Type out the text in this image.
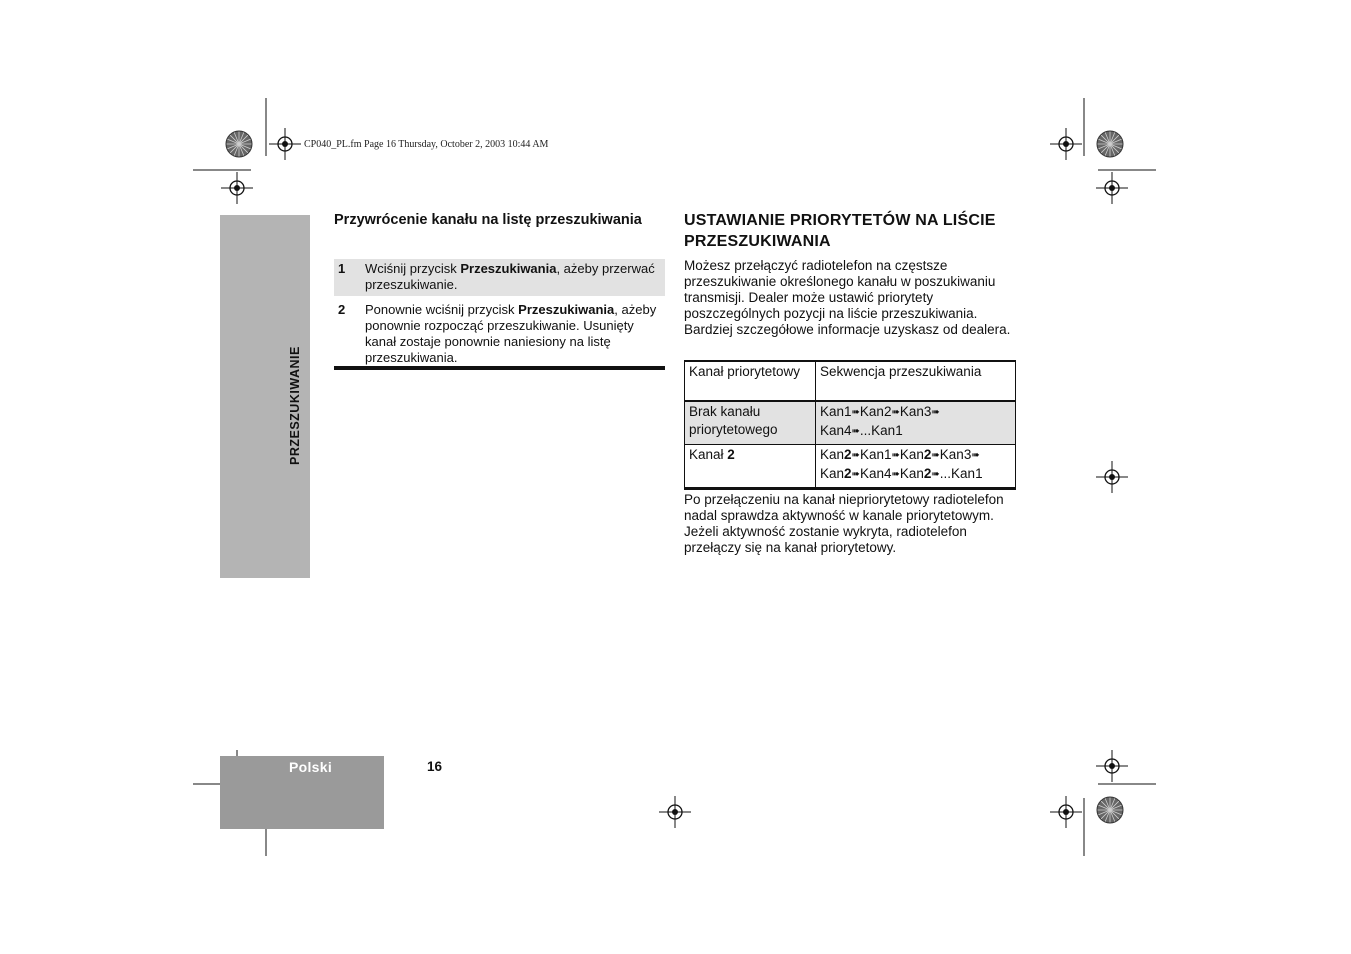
CP040_PL.fm Page 16 Thursday, October 2, 2003 10:44 AM
PRZESZUKIWANIE
Polski	16
Przywrócenie kanału na listę przeszukiwania
1	Wciśnij przycisk Przeszukiwania, ażeby przerwać przeszukiwanie.
2	Ponownie wciśnij przycisk Przeszukiwania, ażeby ponownie rozpocząć przeszukiwanie. Usunięty kanał zostaje ponownie naniesiony na listę przeszukiwania.
USTAWIANIE PRIORYTETÓW NA LIŚCIE PRZESZUKIWANIA
Możesz przełączyć radiotelefon na częstsze przeszukiwanie określonego kanału w poszukiwaniu transmisji. Dealer może ustawić priorytety poszczególnych pozycji na liście przeszukiwania. Bardziej szczegółowe informacje uzyskasz od dealera.
Kanał priorytetowy	Sekwencja przeszukiwania
Brak kanału priorytetowego	Kan1➠Kan2➠Kan3➠
Kan4➠...Kan1
Kanał 2	Kan2➠Kan1➠Kan2➠Kan3➠
Kan2➠Kan4➠Kan2➠...Kan1
Po przełączeniu na kanał niepriorytetowy radiotelefon nadal sprawdza aktywność w kanale priorytetowym. Jeżeli aktywność zostanie wykryta, radiotelefon przełączy się na kanał priorytetowy.
